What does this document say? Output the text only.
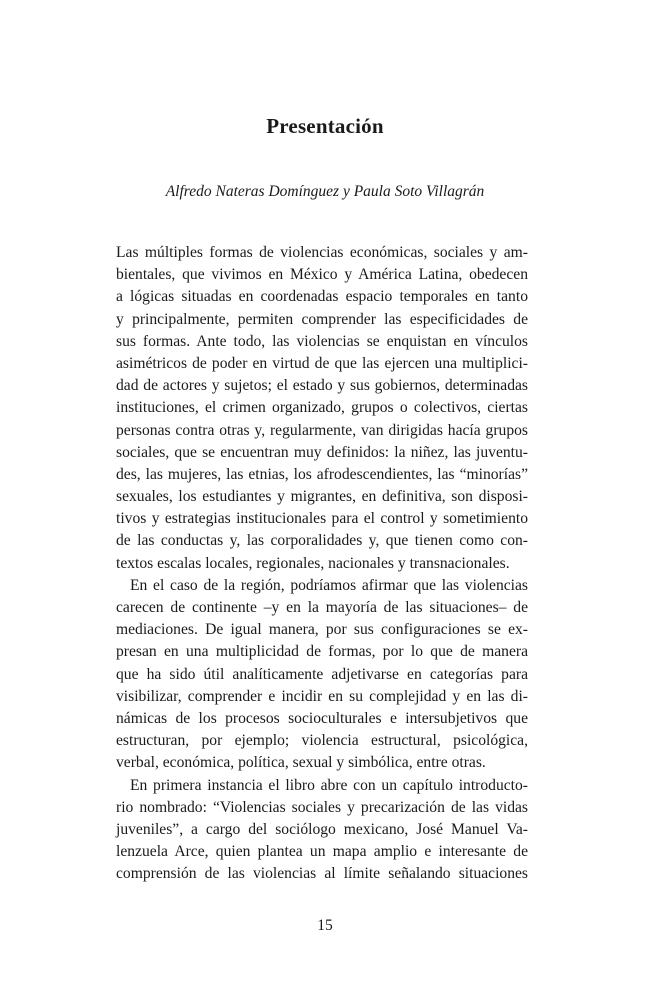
Presentación
Alfredo Nateras Domínguez y Paula Soto Villagrán
Las múltiples formas de violencias económicas, sociales y am-
bientales, que vivimos en México y América Latina, obedecen
a lógicas situadas en coordenadas espacio temporales en tanto
y principalmente, permiten comprender las especificidades de
sus formas. Ante todo, las violencias se enquistan en vínculos
asimétricos de poder en virtud de que las ejercen una multiplici-
dad de actores y sujetos; el estado y sus gobiernos, determinadas
instituciones, el crimen organizado, grupos o colectivos, ciertas
personas contra otras y, regularmente, van dirigidas hacía grupos
sociales, que se encuentran muy definidos: la niñez, las juventu-
des, las mujeres, las etnias, los afrodescendientes, las “minorías”
sexuales, los estudiantes y migrantes, en definitiva, son disposi-
tivos y estrategias institucionales para el control y sometimiento
de las conductas y, las corporalidades y, que tienen como con-
textos escalas locales, regionales, nacionales y transnacionales.
En el caso de la región, podríamos afirmar que las violencias
carecen de continente –y en la mayoría de las situaciones– de
mediaciones. De igual manera, por sus configuraciones se ex-
presan en una multiplicidad de formas, por lo que de manera
que ha sido útil analíticamente adjetivarse en categorías para
visibilizar, comprender e incidir en su complejidad y en las di-
námicas de los procesos socioculturales e intersubjetivos que
estructuran, por ejemplo; violencia estructural, psicológica,
verbal, económica, política, sexual y simbólica, entre otras.
En primera instancia el libro abre con un capítulo introducto-
rio nombrado: “Violencias sociales y precarización de las vidas
juveniles”, a cargo del sociólogo mexicano, José Manuel Va-
lenzuela Arce, quien plantea un mapa amplio e interesante de
comprensión de las violencias al límite señalando situaciones
15
